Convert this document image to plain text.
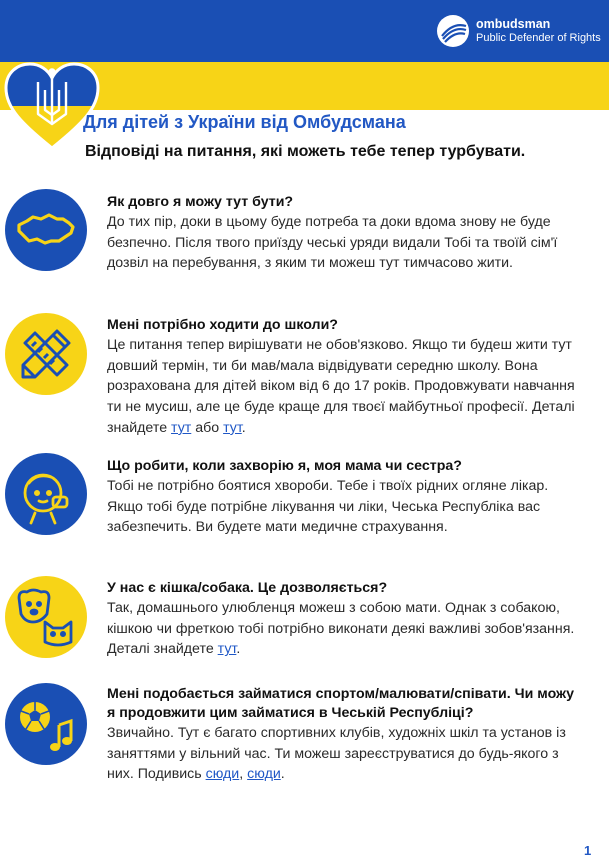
ombudsman
Public Defender of Rights
Для дітей з України від Омбудсмана
Відповіді на питання, які можеть тебе тепер турбувати.

Як довго я можу тут бути?

До тих пір, доки в цьому буде потреба та доки вдома знову не буде безпечно. Після твого приїзду чеські уряди видали Тобі та твоїй сім'ї дозвіл на перебування, з яким ти можеш тут тимчасово жити.

Мені потрібно ходити до школи?

Це питання тепер вирішувати не обов'язково. Якщо ти будеш жити тут довший термін, ти би мав/мала відвідувати середню школу. Вона розрахована для дітей віком від 6 до 17 років. Продовжувати навчання ти не мусиш, але це буде краще для твоєї майбутньої професії. Деталі знайдете тут або тут.

Що робити, коли захворію я, моя мама чи сестра?

Тобі не потрібно боятися хвороби. Тебе і твоїх рідних огляне лікар. Якщо тобі буде потрібне лікування чи ліки, Чеська Республіка вас забезпечить. Ви будете мати медичне страхування.

У нас є кішка/собака. Це дозволяється?

Так, домашнього улюбленця можеш з собою мати. Однак з собакою, кішкою чи фреткою тобі потрібно виконати деякі важливі зобов'язання. Деталі знайдете тут.

Мені подобається займатися спортом/малювати/співати. Чи можу я продовжити цим займатися в Чеській Республіці?

Звичайно. Тут є багато спортивних клубів, художніх шкіл та установ із заняттями у вільний час. Ти можеш зареєструватися до будь-якого з них. Подивись сюди, сюди.

1
